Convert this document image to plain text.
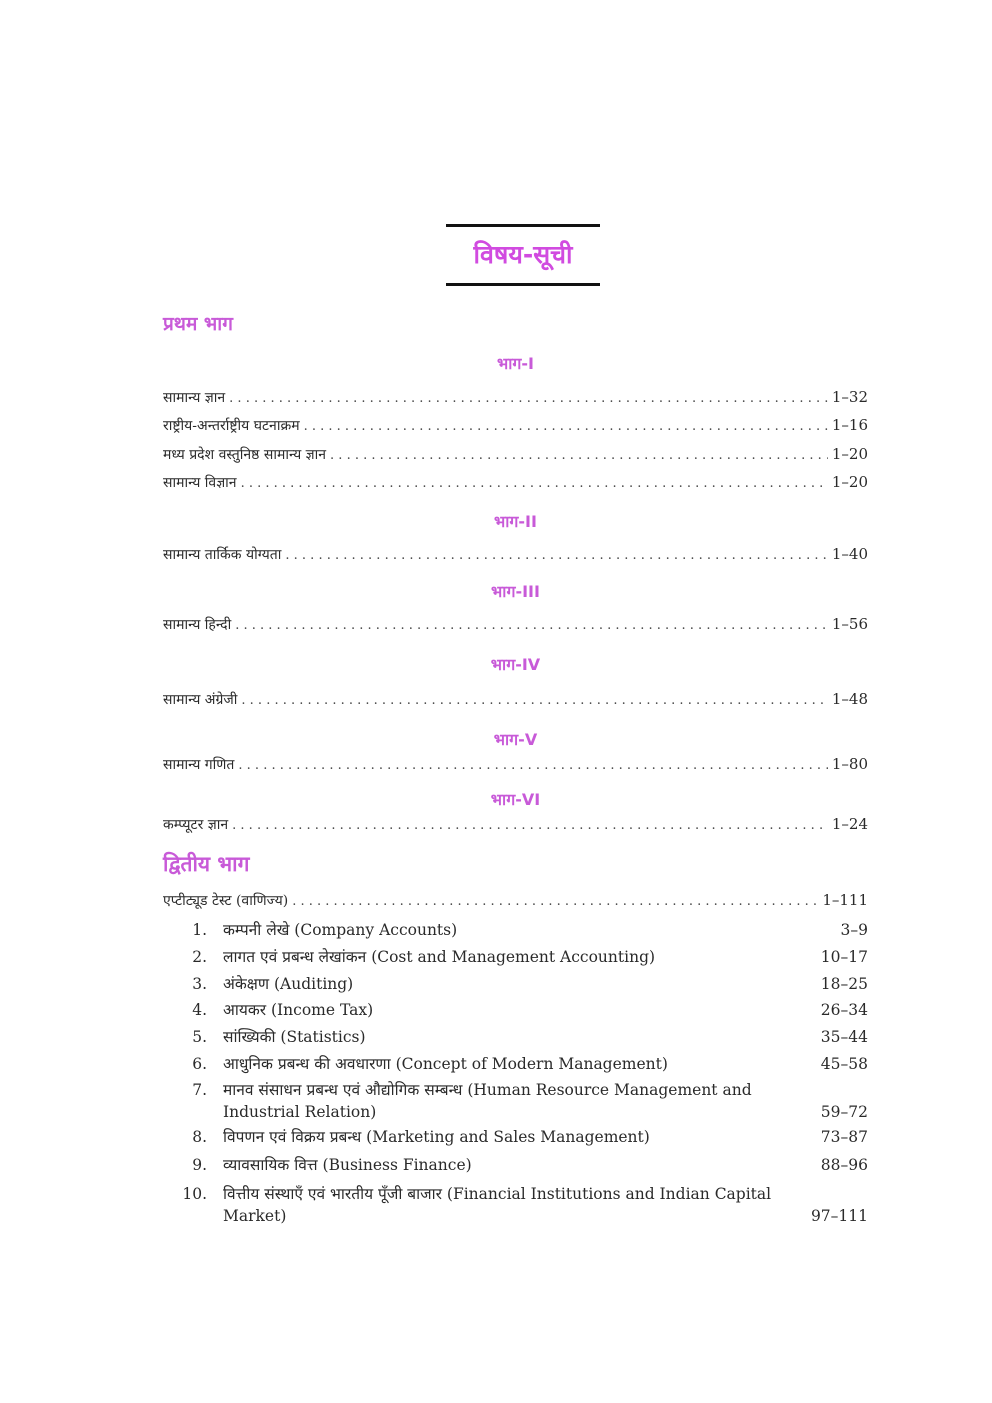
विषय-सूची
प्रथम भाग
भाग-I
सामान्य ज्ञान . . .	1–32
राष्ट्रीय-अन्तर्राष्ट्रीय घटनाक्रम . . .	1–16
मध्य प्रदेश वस्तुनिष्ठ सामान्य ज्ञान . . .	1–20
सामान्य विज्ञान . . .	1–20
भाग-II
सामान्य तार्किक योग्यता . . .	1–40
भाग-III
सामान्य हिन्दी . . .	1–56
भाग-IV
सामान्य अंग्रेजी . . .	1–48
भाग-V
सामान्य गणित . . .	1–80
भाग-VI
कम्प्यूटर ज्ञान . . .	1–24
द्वितीय भाग
एप्टीट्यूड टेस्ट (वाणिज्य) . . .	1–111
1. कम्पनी लेखे (Company Accounts)	3–9
2. लागत एवं प्रबन्ध लेखांकन (Cost and Management Accounting)	10–17
3. अंकेक्षण (Auditing)	18–25
4. आयकर (Income Tax)	26–34
5. सांख्यिकी (Statistics)	35–44
6. आधुनिक प्रबन्ध की अवधारणा (Concept of Modern Management)	45–58
7. मानव संसाधन प्रबन्ध एवं औद्योगिक सम्बन्ध (Human Resource Management and Industrial Relation)	59–72
8. विपणन एवं विक्रय प्रबन्ध (Marketing and Sales Management)	73–87
9. व्यावसायिक वित्त (Business Finance)	88–96
10. वित्तीय संस्थाएँ एवं भारतीय पूँजी बाजार (Financial Institutions and Indian Capital Market)	97–111
